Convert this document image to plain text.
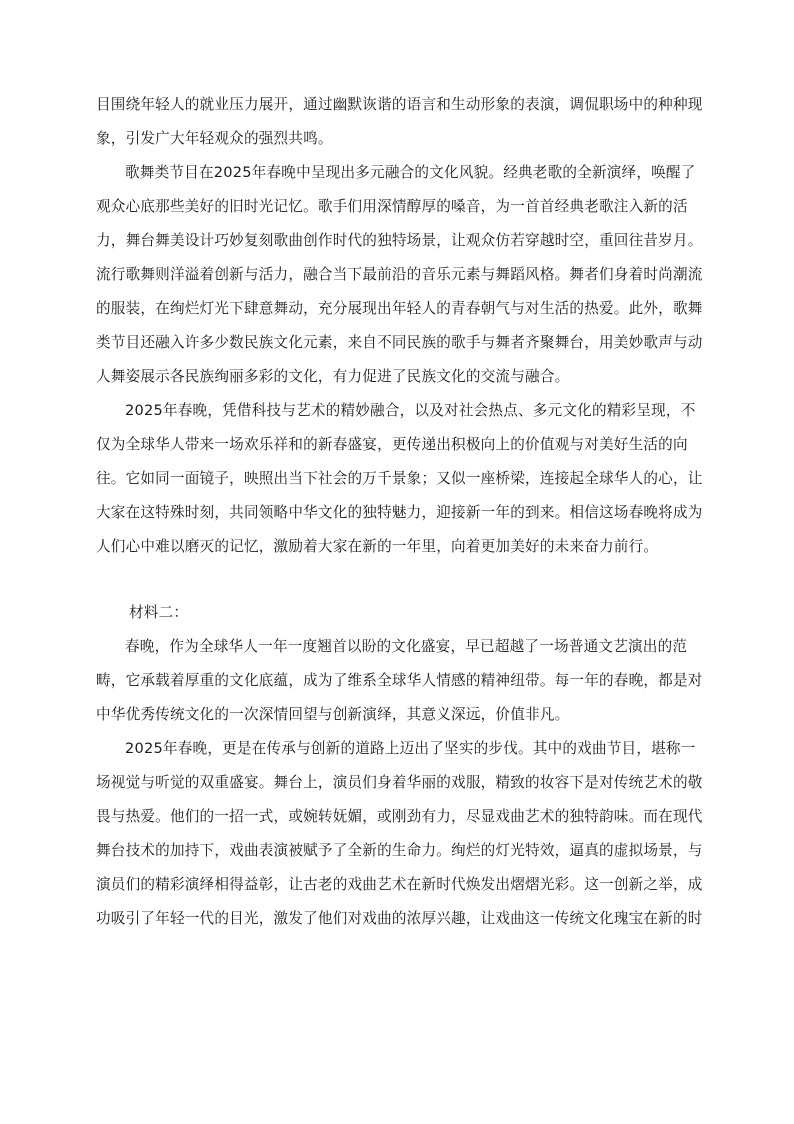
目围绕年轻人的就业压力展开，通过幽默诙谐的语言和生动形象的表演，调侃职场中的种种现
象，引发广大年轻观众的强烈共鸣。
歌舞类节目在2025年春晚中呈现出多元融合的文化风貌。经典老歌的全新演绎，唤醒了
观众心底那些美好的旧时光记忆。歌手们用深情醇厚的嗓音，为一首首经典老歌注入新的活
力，舞台舞美设计巧妙复刻歌曲创作时代的独特场景，让观众仿若穿越时空，重回往昔岁月。
流行歌舞则洋溢着创新与活力，融合当下最前沿的音乐元素与舞蹈风格。舞者们身着时尚潮流
的服装，在绚烂灯光下肆意舞动，充分展现出年轻人的青春朝气与对生活的热爱。此外，歌舞
类节目还融入许多少数民族文化元素，来自不同民族的歌手与舞者齐聚舞台，用美妙歌声与动
人舞姿展示各民族绚丽多彩的文化，有力促进了民族文化的交流与融合。
2025年春晚，凭借科技与艺术的精妙融合，以及对社会热点、多元文化的精彩呈现，不
仅为全球华人带来一场欢乐祥和的新春盛宴，更传递出积极向上的价值观与对美好生活的向
往。它如同一面镜子，映照出当下社会的万千景象；又似一座桥梁，连接起全球华人的心，让
大家在这特殊时刻，共同领略中华文化的独特魅力，迎接新一年的到来。相信这场春晚将成为
人们心中难以磨灭的记忆，激励着大家在新的一年里，向着更加美好的未来奋力前行。
材料二：
春晚，作为全球华人一年一度翘首以盼的文化盛宴，早已超越了一场普通文艺演出的范
畴，它承载着厚重的文化底蕴，成为了维系全球华人情感的精神纽带。每一年的春晚，都是对
中华优秀传统文化的一次深情回望与创新演绎，其意义深远，价值非凡。
2025年春晚，更是在传承与创新的道路上迈出了坚实的步伐。其中的戏曲节目，堪称一
场视觉与听觉的双重盛宴。舞台上，演员们身着华丽的戏服，精致的妆容下是对传统艺术的敬
畏与热爱。他们的一招一式，或婉转妩媚，或刚劲有力，尽显戏曲艺术的独特韵味。而在现代
舞台技术的加持下，戏曲表演被赋予了全新的生命力。绚烂的灯光特效，逼真的虚拟场景，与
演员们的精彩演绎相得益彰，让古老的戏曲艺术在新时代焕发出熠熠光彩。这一创新之举，成
功吸引了年轻一代的目光，激发了他们对戏曲的浓厚兴趣，让戏曲这一传统文化瑰宝在新的时
